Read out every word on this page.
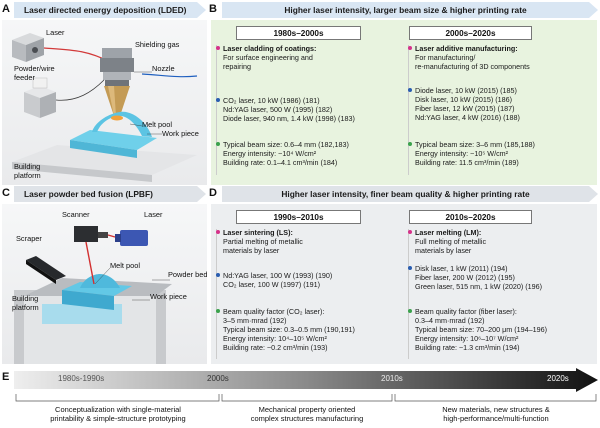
A	Laser directed energy deposition (LDED)
Laser
Shielding gas
Nozzle
Powder/wire
feeder
Melt pool
Work piece
Building
platform
B	Higher laser intensity, larger beam size & higher printing rate
1980s–2000s	2000s–2020s
Laser cladding of coatings:
For surface engineering and
repairing
CO₂ laser, 10 kW (1986) (181)
Nd:YAG laser, 500 W (1995) (182)
Diode laser, 940 nm, 1.4 kW (1998) (183)
Typical beam size: 0.6–4 mm (182,183)
Energy intensity: ~10⁴ W/cm²
Building rate: 0.1–4.1 cm³/min (184)
Laser additive manufacturing:
For manufacturing/
re-manufacturing of 3D components
Diode laser, 10 kW (2015) (185)
Disk laser, 10 kW (2015) (186)
Fiber laser, 12 kW (2015) (187)
Nd:YAG laser, 4 kW (2016) (188)
Typical beam size: 3–6 mm (185,188)
Energy intensity: ~10⁵ W/cm²
Building rate: 11.5 cm³/min (189)
C	Laser powder bed fusion (LPBF)
Scanner	Laser
Scraper
Melt pool
Powder bed
Building
platform
Work piece
D	Higher laser intensity, finer beam quality & higher printing rate
1990s–2010s	2010s–2020s
Laser sintering (LS):
Partial melting of metallic
materials by laser
Nd:YAG laser, 100 W (1993) (190)
CO₂ laser, 100 W (1997) (191)
Beam quality factor (CO₂ laser):
3–5 mm·mrad (192)
Typical beam size: 0.3–0.5 mm (190,191)
Energy intensity: 10⁴–10⁵ W/cm²
Building rate: ~0.2 cm³/min (193)
Laser melting (LM):
Full melting of metallic
materials by laser
Disk laser, 1 kW (2011) (194)
Fiber laser, 200 W (2012) (195)
Green laser, 515 nm, 1 kW (2020) (196)
Beam quality factor (fiber laser):
0.3–4 mm·mrad (192)
Typical beam size: 70–200 μm (194–196)
Energy intensity: 10⁶–10⁷ W/cm²
Building rate: ~1.3 cm³/min (194)
E	1980s-1990s	2000s	2010s	2020s
Conceptualization with single-material
printability & simple-structure prototyping
Mechanical property oriented
complex structures manufacturing
New materials, new structures &
high-performance/multi-function
